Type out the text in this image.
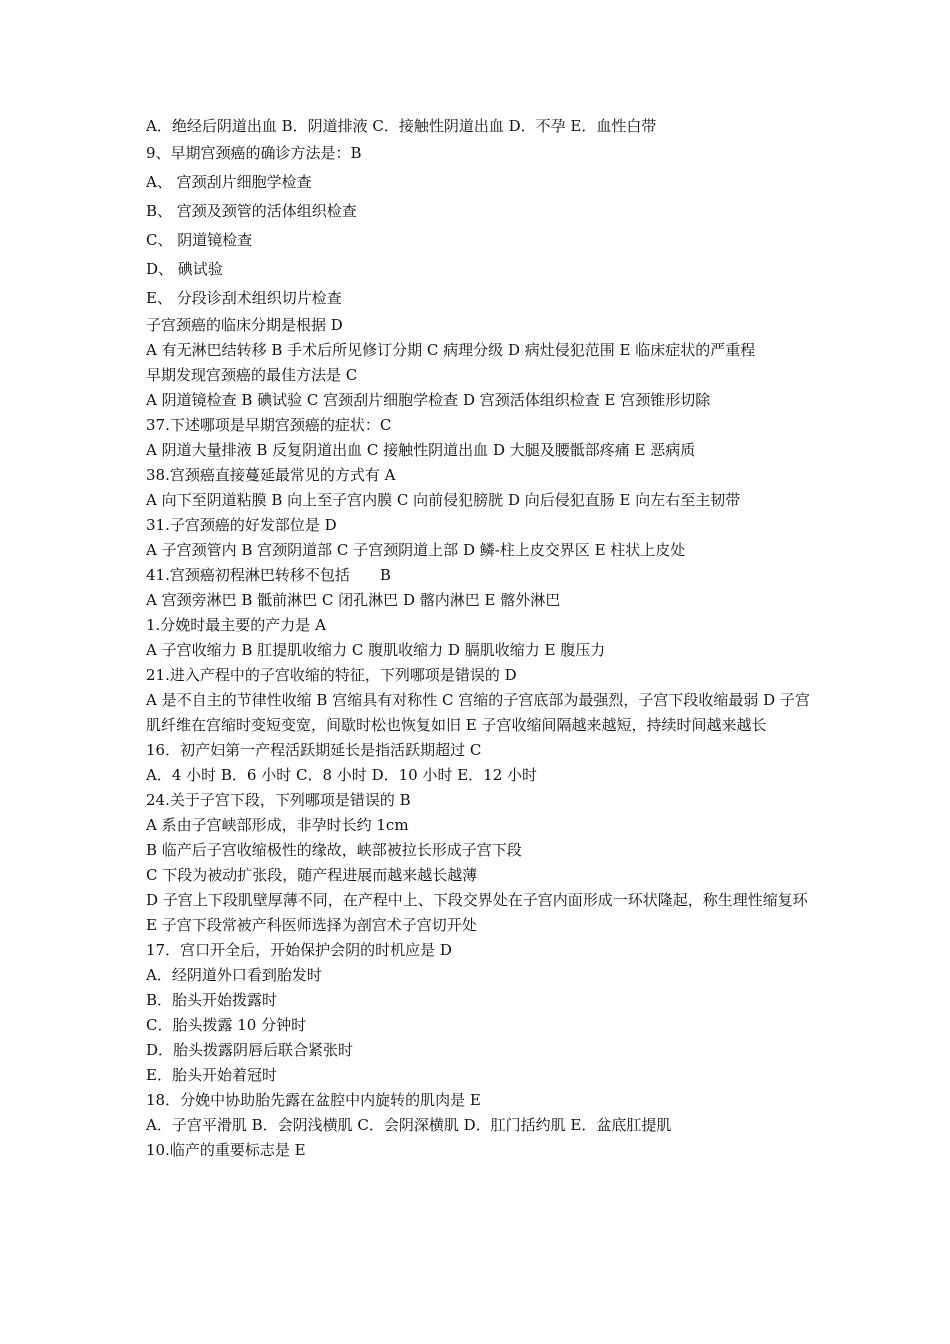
A．绝经后阴道出血 B．阴道排液 C．接触性阴道出血 D．不孕 E．血性白带
9、早期宫颈癌的确诊方法是：B
A、 宫颈刮片细胞学检查
B、 宫颈及颈管的活体组织检查
C、 阴道镜检查
D、 碘试验
E、 分段诊刮术组织切片检查
子宫颈癌的临床分期是根据 D
A 有无淋巴结转移 B 手术后所见修订分期 C 病理分级 D 病灶侵犯范围 E 临床症状的严重程
早期发现宫颈癌的最佳方法是 C
A 阴道镜检查 B 碘试验 C 宫颈刮片细胞学检查 D 宫颈活体组织检查 E 宫颈锥形切除
37.下述哪项是早期宫颈癌的症状：C
A 阴道大量排液 B 反复阴道出血 C 接触性阴道出血 D 大腿及腰骶部疼痛 E 恶病质
38.宫颈癌直接蔓延最常见的方式有 A
A 向下至阴道粘膜 B 向上至子宫内膜 C 向前侵犯膀胱 D 向后侵犯直肠 E 向左右至主韧带
31.子宫颈癌的好发部位是 D
A 子宫颈管内 B 宫颈阴道部 C 子宫颈阴道上部 D 鳞-柱上皮交界区 E 柱状上皮处
41.宫颈癌初程淋巴转移不包括　　B
A 宫颈旁淋巴 B 骶前淋巴 C 闭孔淋巴 D 髂内淋巴 E 髂外淋巴
1.分娩时最主要的产力是 A
A 子宫收缩力 B 肛提肌收缩力 C 腹肌收缩力 D 膈肌收缩力 E 腹压力
21.进入产程中的子宫收缩的特征，下列哪项是错误的 D
A 是不自主的节律性收缩 B 宫缩具有对称性 C 宫缩的子宫底部为最强烈，子宫下段收缩最弱 D 子宫肌纤维在宫缩时变短变宽，间歇时松也恢复如旧 E 子宫收缩间隔越来越短，持续时间越来越长
16．初产妇第一产程活跃期延长是指活跃期超过 C
A．4 小时 B．6 小时 C．8 小时 D．10 小时 E．12 小时
24.关于子宫下段，下列哪项是错误的 B
A 系由子宫峡部形成，非孕时长约 1cm
B 临产后子宫收缩极性的缘故，峡部被拉长形成子宫下段
C 下段为被动扩张段，随产程进展而越来越长越薄
D 子宫上下段肌壁厚薄不同，在产程中上、下段交界处在子宫内面形成一环状隆起，称生理性缩复环
E 子宫下段常被产科医师选择为剖宫术子宫切开处
17．宫口开全后，开始保护会阴的时机应是 D
A．经阴道外口看到胎发时
B．胎头开始拨露时
C．胎头拨露 10 分钟时
D．胎头拨露阴唇后联合紧张时
E．胎头开始着冠时
18．分娩中协助胎先露在盆腔中内旋转的肌肉是 E
A．子宫平滑肌 B．会阴浅横肌 C．会阴深横肌 D．肛门括约肌 E．盆底肛提肌
10.临产的重要标志是 E
